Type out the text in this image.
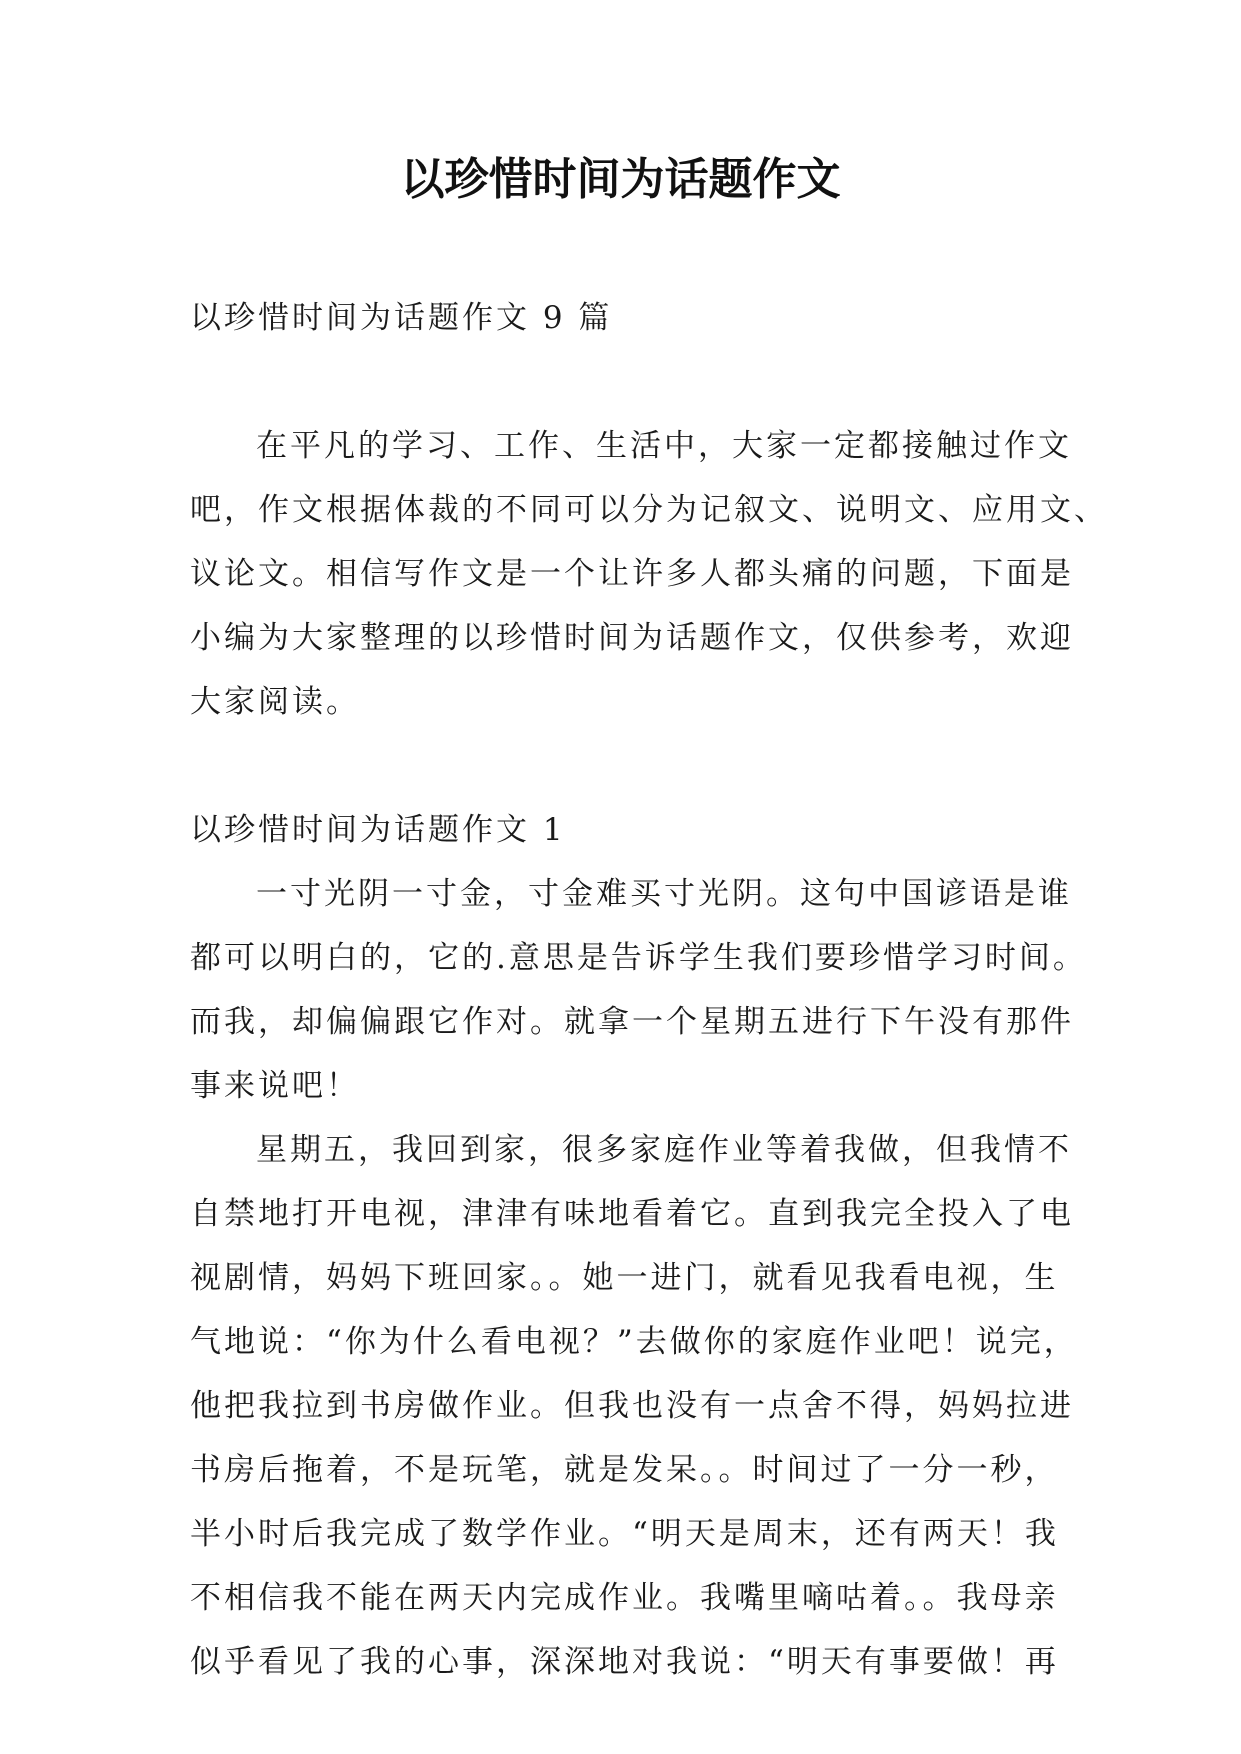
以珍惜时间为话题作文
以珍惜时间为话题作文 9 篇
在平凡的学习、工作、生活中，大家一定都接触过作文
吧，作文根据体裁的不同可以分为记叙文、说明文、应用文、
议论文。相信写作文是一个让许多人都头痛的问题，下面是
小编为大家整理的以珍惜时间为话题作文，仅供参考，欢迎
大家阅读。
以珍惜时间为话题作文 1
一寸光阴一寸金，寸金难买寸光阴。这句中国谚语是谁
都可以明白的，它的.意思是告诉学生我们要珍惜学习时间。
而我，却偏偏跟它作对。就拿一个星期五进行下午没有那件
事来说吧！
星期五，我回到家，很多家庭作业等着我做，但我情不
自禁地打开电视，津津有味地看着它。直到我完全投入了电
视剧情，妈妈下班回家。。她一进门，就看见我看电视，生
气地说：“你为什么看电视？”去做你的家庭作业吧！说完，
他把我拉到书房做作业。但我也没有一点舍不得，妈妈拉进
书房后拖着，不是玩笔，就是发呆。。时间过了一分一秒，
半小时后我完成了数学作业。“明天是周末，还有两天！我
不相信我不能在两天内完成作业。我嘴里嘀咕着。。我母亲
似乎看见了我的心事，深深地对我说：“明天有事要做！再
